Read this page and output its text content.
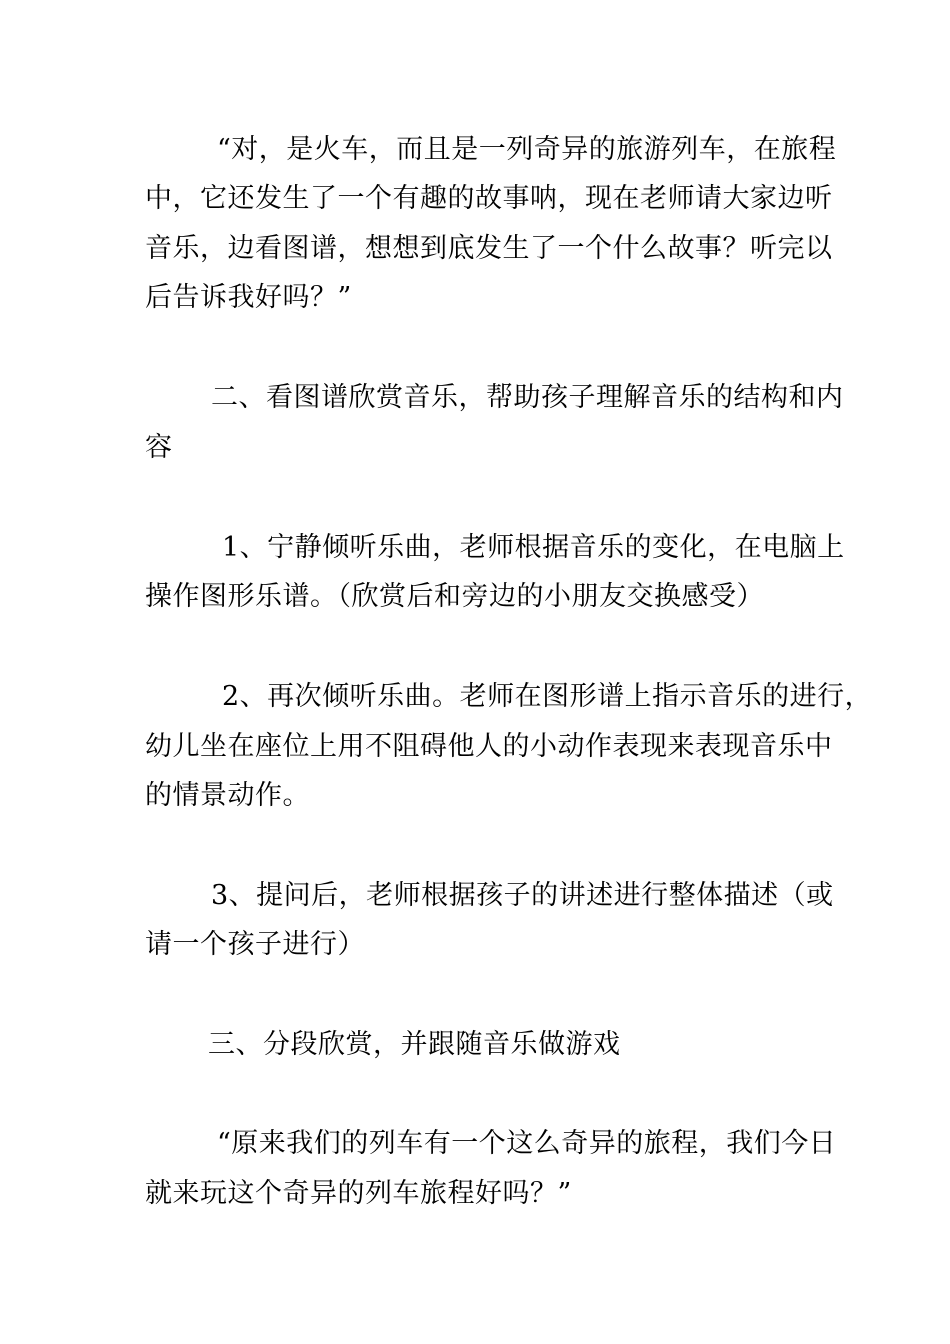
“对，是火车，而且是一列奇异的旅游列车，在旅程
中，它还发生了一个有趣的故事呐，现在老师请大家边听
音乐，边看图谱，想想到底发生了一个什么故事？听完以
后告诉我好吗？”
二、看图谱欣赏音乐，帮助孩子理解音乐的结构和内
容
1、宁静倾听乐曲，老师根据音乐的变化，在电脑上
操作图形乐谱。（欣赏后和旁边的小朋友交换感受）
2、再次倾听乐曲。老师在图形谱上指示音乐的进行，
幼儿坐在座位上用不阻碍他人的小动作表现来表现音乐中
的情景动作。
3、提问后，老师根据孩子的讲述进行整体描述（或
请一个孩子进行）
三、分段欣赏，并跟随音乐做游戏
“原来我们的列车有一个这么奇异的旅程，我们今日
就来玩这个奇异的列车旅程好吗？”
